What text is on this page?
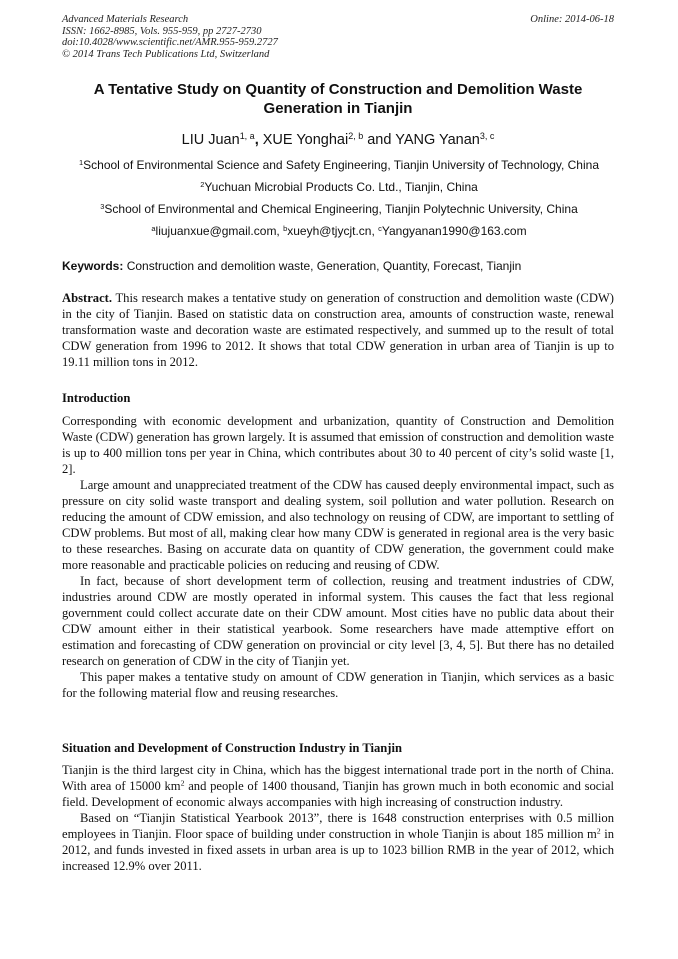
Advanced Materials Research
ISSN: 1662-8985, Vols. 955-959, pp 2727-2730
doi:10.4028/www.scientific.net/AMR.955-959.2727
© 2014 Trans Tech Publications Ltd, Switzerland
Online: 2014-06-18
A Tentative Study on Quantity of Construction and Demolition Waste Generation in Tianjin
LIU Juan$^{1, a}$, XUE Yonghai$^{2, b}$ and YANG Yanan$^{3, c}$
$^1$School of Environmental Science and Safety Engineering, Tianjin University of Technology, China
$^2$Yuchuan Microbial Products Co. Ltd., Tianjin, China
$^3$School of Environmental and Chemical Engineering, Tianjin Polytechnic University, China
$^a$liujuanxue@gmail.com, $^b$xueyh@tjycjt.cn, $^c$Yangyanan1990@163.com
Keywords: Construction and demolition waste, Generation, Quantity, Forecast, Tianjin

Abstract. This research makes a tentative study on generation of construction and demolition waste (CDW) in the city of Tianjin. Based on statistic data on construction area, amounts of construction waste, renewal transformation waste and decoration waste are estimated respectively, and summed up to the result of total CDW generation from 1996 to 2012. It shows that total CDW generation in urban area of Tianjin is up to 19.11 million tons in 2012.

Introduction

Corresponding with economic development and urbanization, quantity of Construction and Demolition Waste (CDW) generation has grown largely. It is assumed that emission of construction and demolition waste is up to 400 million tons per year in China, which contributes about 30 to 40 percent of city’s solid waste [1, 2].

Large amount and unappreciated treatment of the CDW has caused deeply environmental impact, such as pressure on city solid waste transport and dealing system, soil pollution and water pollution. Research on reducing the amount of CDW emission, and also technology on reusing of CDW, are important to settling of CDW problems. But most of all, making clear how many CDW is generated in regional area is the very basic to these researches. Basing on accurate data on quantity of CDW generation, the government could make more reasonable and practicable policies on reducing and reusing of CDW.

In fact, because of short development term of collection, reusing and treatment industries of CDW, industries around CDW are mostly operated in informal system. This causes the fact that less regional government could collect accurate date on their CDW amount. Most cities have no public data about their CDW amount either in their statistical yearbook. Some researchers have made attemptive effort on estimation and forecasting of CDW generation on provincial or city level [3, 4, 5]. But there has no detailed research on generation of CDW in the city of Tianjin yet.

This paper makes a tentative study on amount of CDW generation in Tianjin, which services as a basic for the following material flow and reusing researches.

Situation and Development of Construction Industry in Tianjin

Tianjin is the third largest city in China, which has the biggest international trade port in the north of China. With area of 15000 $km^2$ and people of 1400 thousand, Tianjin has grown much in both economic and social field. Development of economic always accompanies with high increasing of construction industry.

Based on “Tianjin Statistical Yearbook 2013”, there is 1648 construction enterprises with 0.5 million employees in Tianjin. Floor space of building under construction in whole Tianjin is about 185 million $m^2$ in 2012, and funds invested in fixed assets in urban area is up to 1023 billion RMB in the year of 2012, which increased 12.9% over 2011.
